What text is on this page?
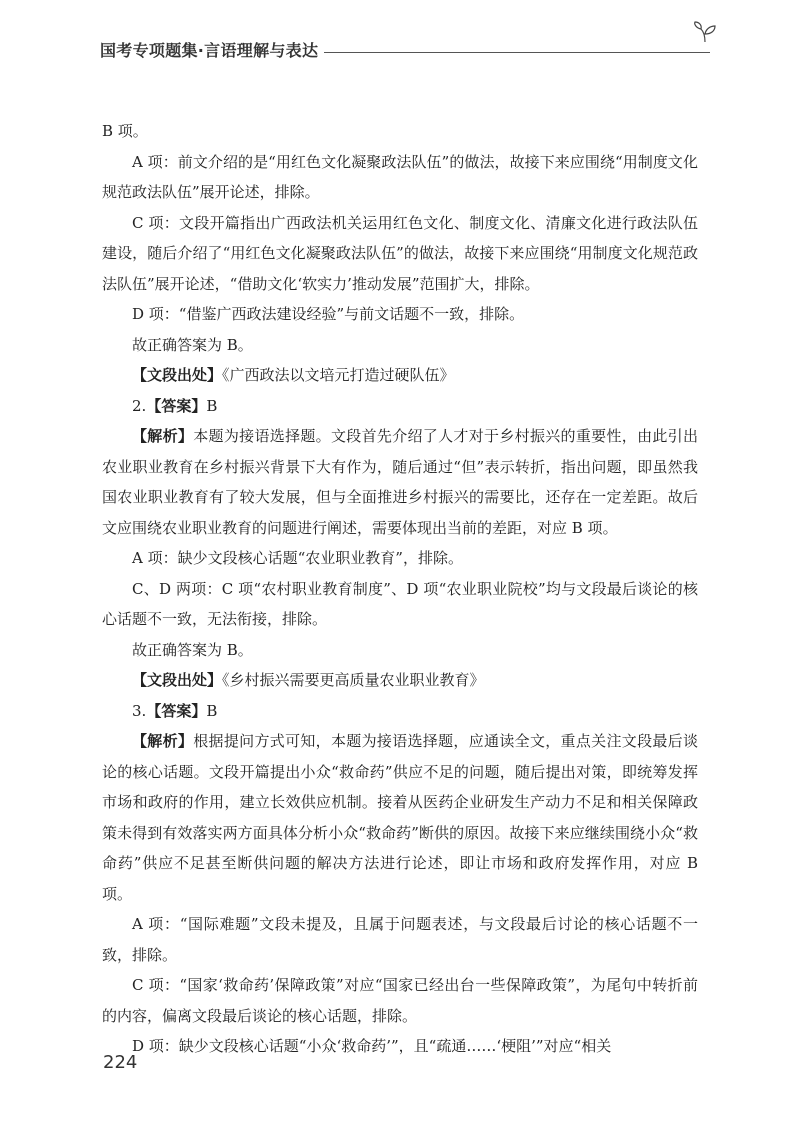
国考专项题集·言语理解与表达

B 项。

A 项：前文介绍的是“用红色文化凝聚政法队伍”的做法，故接下来应围绕“用制度文化规范政法队伍”展开论述，排除。

C 项：文段开篇指出广西政法机关运用红色文化、制度文化、清廉文化进行政法队伍建设，随后介绍了“用红色文化凝聚政法队伍”的做法，故接下来应围绕“用制度文化规范政法队伍”展开论述，“借助文化‘软实力’推动发展”范围扩大，排除。

D 项：“借鉴广西政法建设经验”与前文话题不一致，排除。

故正确答案为 B。

【文段出处】《广西政法以文培元打造过硬队伍》

2.【答案】B

【解析】本题为接语选择题。文段首先介绍了人才对于乡村振兴的重要性，由此引出农业职业教育在乡村振兴背景下大有作为，随后通过“但”表示转折，指出问题，即虽然我国农业职业教育有了较大发展，但与全面推进乡村振兴的需要比，还存在一定差距。故后文应围绕农业职业教育的问题进行阐述，需要体现出当前的差距，对应 B 项。

A 项：缺少文段核心话题“农业职业教育”，排除。

C、D 两项：C 项“农村职业教育制度”、D 项“农业职业院校”均与文段最后谈论的核心话题不一致，无法衔接，排除。

故正确答案为 B。

【文段出处】《乡村振兴需要更高质量农业职业教育》

3.【答案】B

【解析】根据提问方式可知，本题为接语选择题，应通读全文，重点关注文段最后谈论的核心话题。文段开篇提出小众“救命药”供应不足的问题，随后提出对策，即统筹发挥市场和政府的作用，建立长效供应机制。接着从医药企业研发生产动力不足和相关保障政策未得到有效落实两方面具体分析小众“救命药”断供的原因。故接下来应继续围绕小众“救命药”供应不足甚至断供问题的解决方法进行论述，即让市场和政府发挥作用，对应 B 项。

A 项：“国际难题”文段未提及，且属于问题表述，与文段最后讨论的核心话题不一致，排除。

C 项：“国家‘救命药’保障政策”对应“国家已经出台一些保障政策”，为尾句中转折前的内容，偏离文段最后谈论的核心话题，排除。

D 项：缺少文段核心话题“小众‘救命药’”，且“疏通……‘梗阻’”对应“相关

224
